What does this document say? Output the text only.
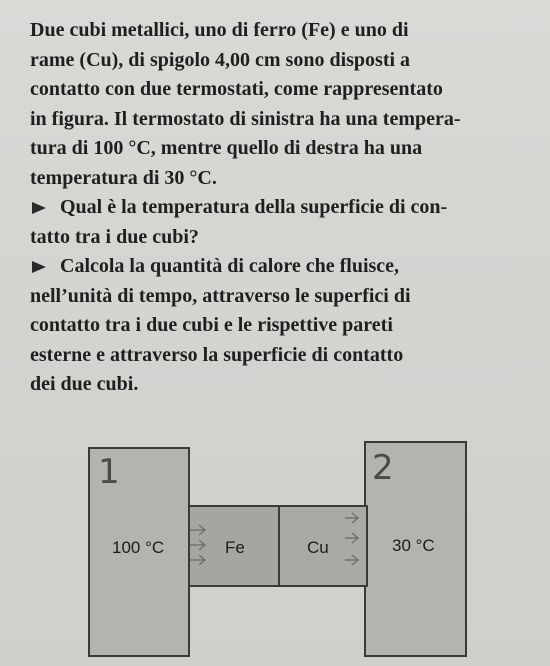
Due cubi metallici, uno di ferro (Fe) e uno di
rame (Cu), di spigolo 4,00 cm sono disposti a
contatto con due termostati, come rappresentato
in figura. Il termostato di sinistra ha una tempera-
tura di 100 °C, mentre quello di destra ha una
temperatura di 30 °C.

Qual è la temperatura della superficie di con-
tatto tra i due cubi?

Calcola la quantità di calore che fluisce,
nell’unità di tempo, attraverso le superfici di
contatto tra i due cubi e le rispettive pareti
esterne e attraverso la superficie di contatto
dei due cubi.

1	2
100 °C	30 °C
Fe	Cu
